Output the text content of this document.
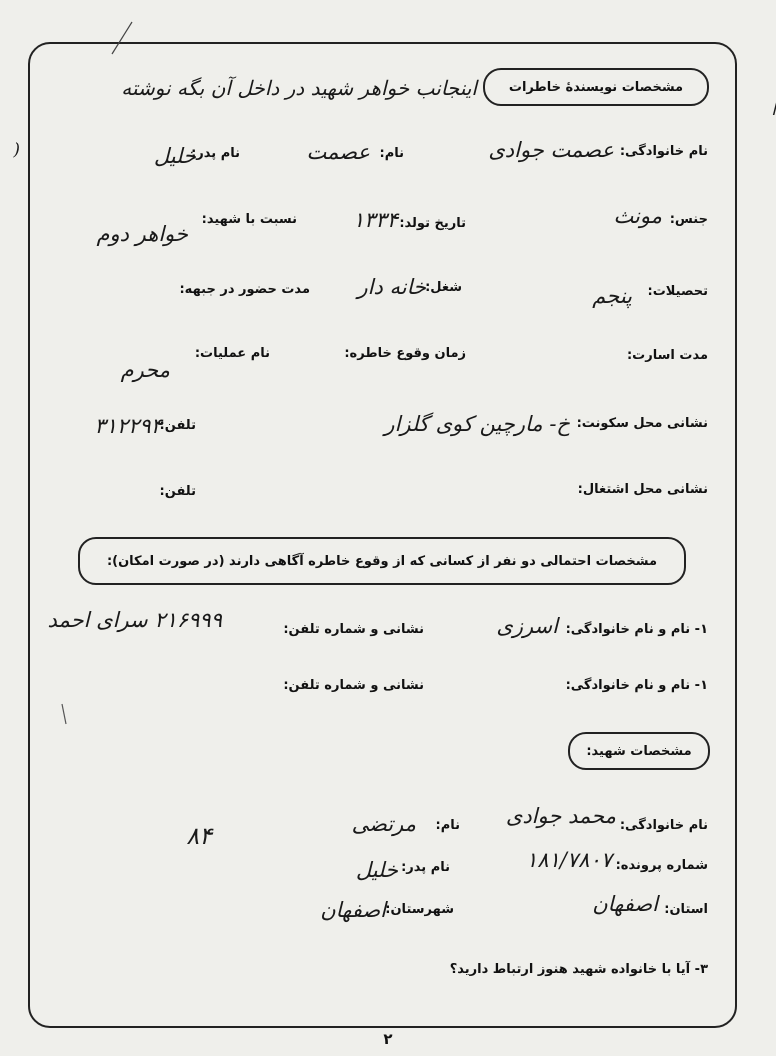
ا
(
مشخصات نویسندهٔ خاطرات
اینجانب خواهر شهید در داخل آن بگه نوشته
نام خانوادگی:
عصمت جوادی
نام:
عصمت
نام پدر:
خلیل
جنس:
مونث
تاریخ تولد:
۱۳۳۴
نسبت با شهید:
خواهر دوم
تحصیلات:
پنجم
شغل:
خانه دار
مدت حضور در جبهه:
مدت اسارت:
زمان وقوع خاطره:
نام عملیات:
محرم
نشانی محل سکونت:
خ- مارچین کوی گلزار
تلفن:
۳۱۲۲۹۴
نشانی محل اشتغال:
تلفن:
مشخصات احتمالی دو نفر از کسانی که از وقوع خاطره آگاهی دارند (در صورت امکان):
۱- نام و نام خانوادگی:
اسرزی
نشانی و شماره تلفن:
۲۱۶۹۹۹ سرای احمد
۱- نام و نام خانوادگی:
نشانی و شماره تلفن:
مشخصات شهید:
نام خانوادگی:
محمد جوادی
نام:
مرتضی
۸۴
شماره پرونده:
۱۸۱/۷۸۰۷
نام پدر:
خلیل
استان:
اصفهان
شهرستان:
اصفهان
۳- آیا با خانواده شهید هنوز ارتباط دارید؟
۲
